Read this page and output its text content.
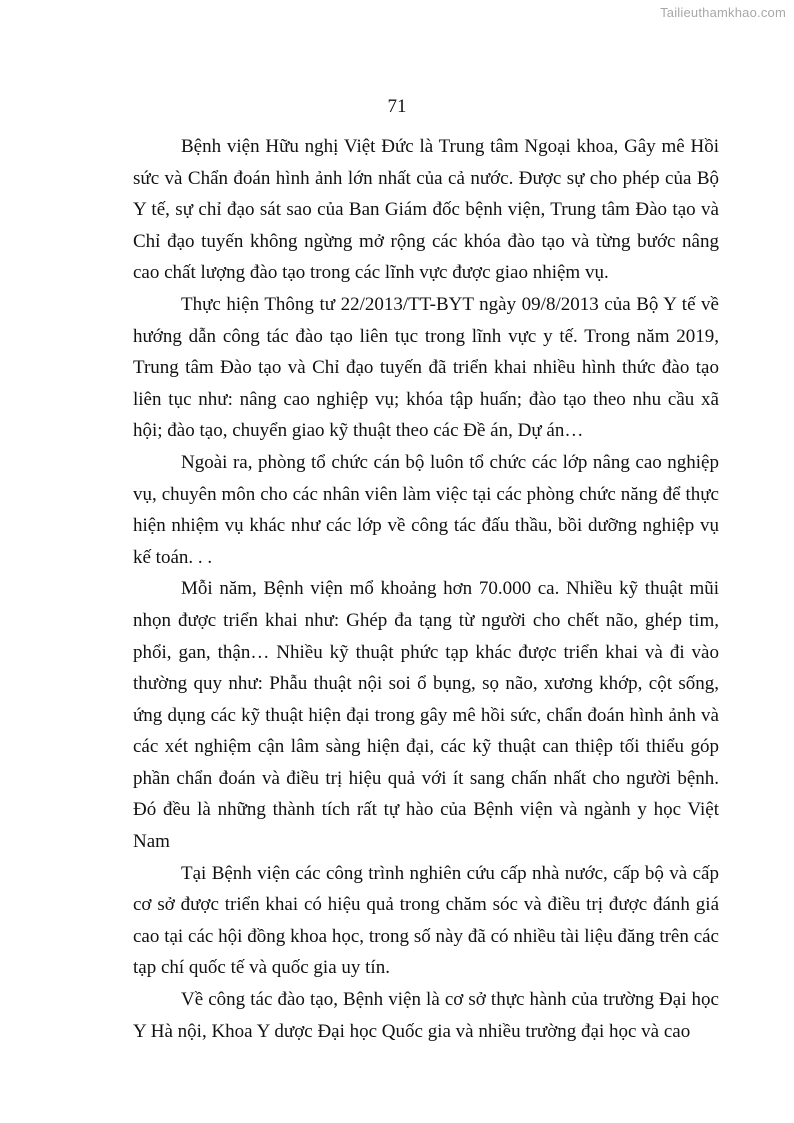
Tailieuthamkhao.com
71

Bệnh viện Hữu nghị Việt Đức là Trung tâm Ngoại khoa, Gây mê Hồi sức và Chẩn đoán hình ảnh lớn nhất của cả nước. Được sự cho phép của Bộ Y tế, sự chỉ đạo sát sao của Ban Giám đốc bệnh viện, Trung tâm Đào tạo và Chỉ đạo tuyến không ngừng mở rộng các khóa đào tạo và từng bước nâng cao chất lượng đào tạo trong các lĩnh vực được giao nhiệm vụ.

Thực hiện Thông tư 22/2013/TT-BYT ngày 09/8/2013 của Bộ Y tế về hướng dẫn công tác đào tạo liên tục trong lĩnh vực y tế. Trong năm 2019, Trung tâm Đào tạo và Chỉ đạo tuyến đã triển khai nhiều hình thức đào tạo liên tục như: nâng cao nghiệp vụ; khóa tập huấn; đào tạo theo nhu cầu xã hội; đào tạo, chuyển giao kỹ thuật theo các Đề án, Dự án…

Ngoài ra, phòng tổ chức cán bộ luôn tổ chức các lớp nâng cao nghiệp vụ, chuyên môn cho các nhân viên làm việc tại các phòng chức năng để thực hiện nhiệm vụ khác như các lớp về công tác đấu thầu, bồi dưỡng nghiệp vụ kế toán. . .

Mỗi năm, Bệnh viện mổ khoảng hơn 70.000 ca. Nhiều kỹ thuật mũi nhọn được triển khai như: Ghép đa tạng từ người cho chết não, ghép tim, phổi, gan, thận… Nhiều kỹ thuật phức tạp khác được triển khai và đi vào thường quy như: Phẫu thuật nội soi ổ bụng, sọ não, xương khớp, cột sống, ứng dụng các kỹ thuật hiện đại trong gây mê hồi sức, chẩn đoán hình ảnh và các xét nghiệm cận lâm sàng hiện đại, các kỹ thuật can thiệp tối thiểu góp phần chẩn đoán và điều trị hiệu quả với ít sang chấn nhất cho người bệnh. Đó đều là những thành tích rất tự hào của Bệnh viện và ngành y học Việt Nam

Tại Bệnh viện các công trình nghiên cứu cấp nhà nước, cấp bộ và cấp cơ sở được triển khai có hiệu quả trong chăm sóc và điều trị được đánh giá cao tại các hội đồng khoa học, trong số này đã có nhiều tài liệu đăng trên các tạp chí quốc tế và quốc gia uy tín.

Về công tác đào tạo, Bệnh viện là cơ sở thực hành của trường Đại học Y Hà nội, Khoa Y dược Đại học Quốc gia và nhiều trường đại học và cao
